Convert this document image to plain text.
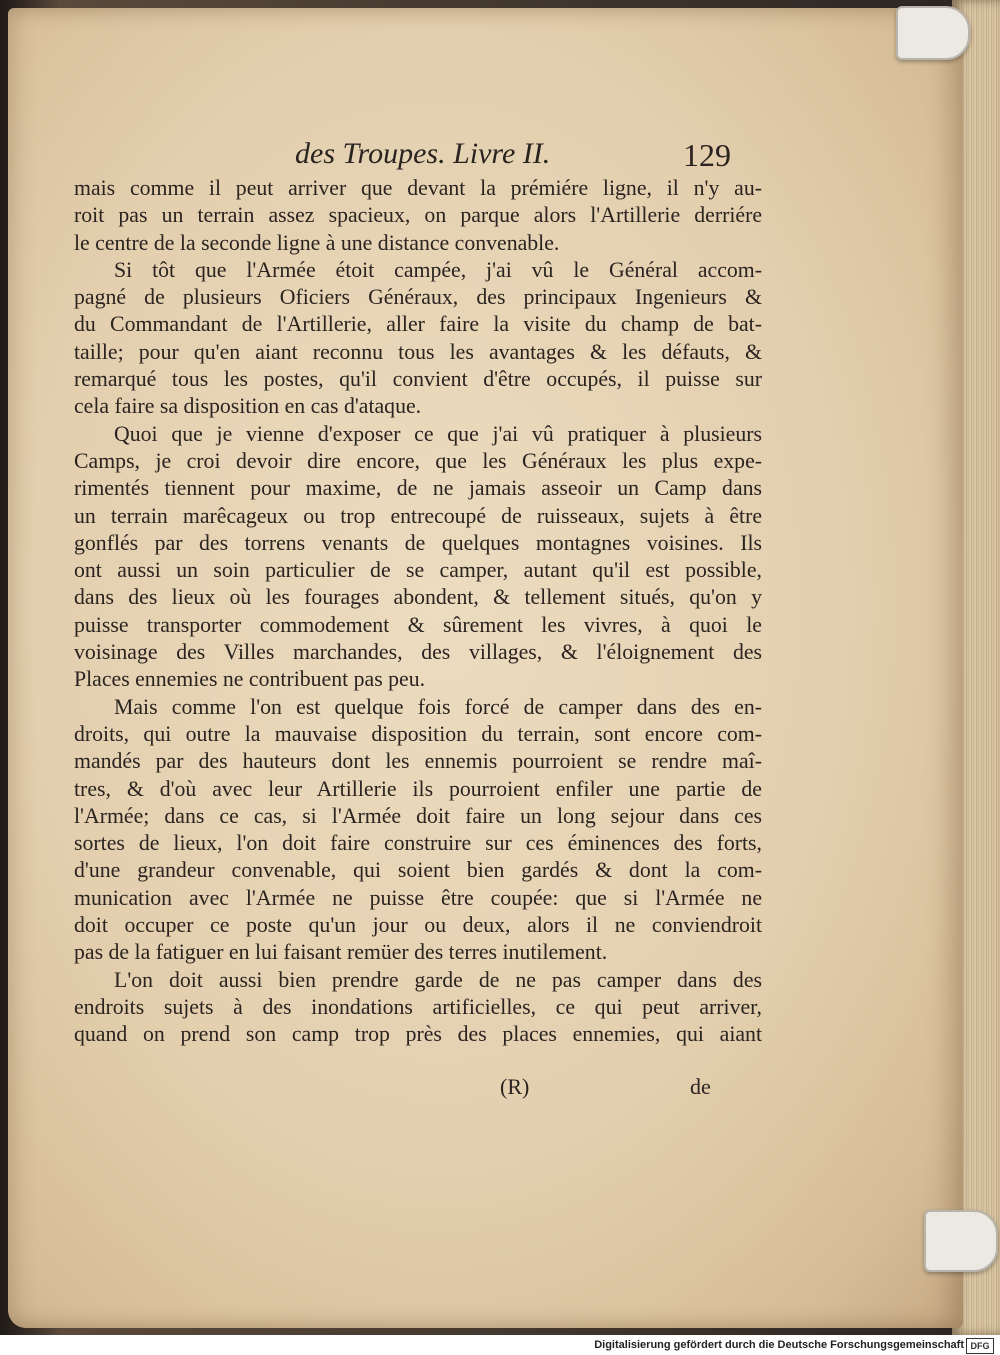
des Troupes. Livre II.	129
mais comme il peut arriver que devant la prémiére ligne, il n'y au-
roit pas un terrain assez spacieux, on parque alors l'Artillerie derriére
le centre de la seconde ligne à une distance convenable.
Si tôt que l'Armée étoit campée, j'ai vû le Général accom-
pagné de plusieurs Oficiers Généraux, des principaux Ingenieurs &
du Commandant de l'Artillerie, aller faire la visite du champ de bat-
taille; pour qu'en aiant reconnu tous les avantages & les défauts, &
remarqué tous les postes, qu'il convient d'être occupés, il puisse sur
cela faire sa disposition en cas d'ataque.
Quoi que je vienne d'exposer ce que j'ai vû pratiquer à plusieurs
Camps, je croi devoir dire encore, que les Généraux les plus expe-
rimentés tiennent pour maxime, de ne jamais asseoir un Camp dans
un terrain marêcageux ou trop entrecoupé de ruisseaux, sujets à être
gonflés par des torrens venants de quelques montagnes voisines. Ils
ont aussi un soin particulier de se camper, autant qu'il est possible,
dans des lieux où les fourages abondent, & tellement situés, qu'on y
puisse transporter commodement & sûrement les vivres, à quoi le
voisinage des Villes marchandes, des villages, & l'éloignement des
Places ennemies ne contribuent pas peu.
Mais comme l'on est quelque fois forcé de camper dans des en-
droits, qui outre la mauvaise disposition du terrain, sont encore com-
mandés par des hauteurs dont les ennemis pourroient se rendre maî-
tres, & d'où avec leur Artillerie ils pourroient enfiler une partie de
l'Armée; dans ce cas, si l'Armée doit faire un long sejour dans ces
sortes de lieux, l'on doit faire construire sur ces éminences des forts,
d'une grandeur convenable, qui soient bien gardés & dont la com-
munication avec l'Armée ne puisse être coupée: que si l'Armée ne
doit occuper ce poste qu'un jour ou deux, alors il ne conviendroit
pas de la fatiguer en lui faisant remüer des terres inutilement.
L'on doit aussi bien prendre garde de ne pas camper dans des
endroits sujets à des inondations artificielles, ce qui peut arriver,
quand on prend son camp trop près des places ennemies, qui aiant
(R)	de
Digitalisierung gefördert durch die Deutsche Forschungsgemeinschaft DFG
